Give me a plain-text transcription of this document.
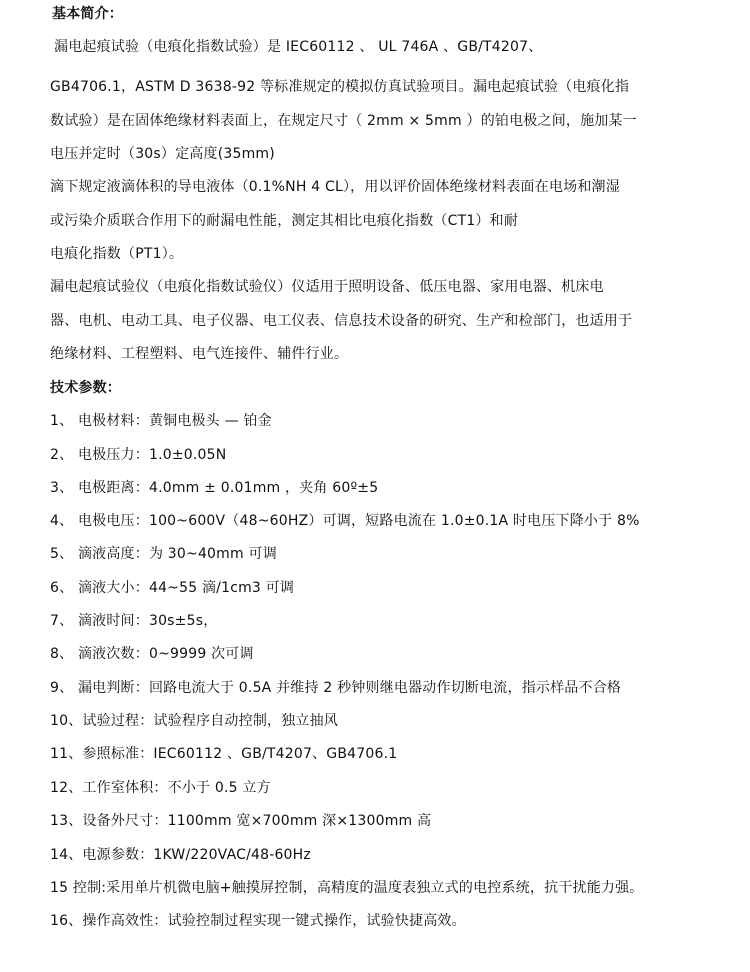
基本简介：
漏电起痕试验（电痕化指数试验）是 IEC60112 、 UL 746A 、GB/T4207、
GB4706.1，ASTM D 3638-92 等标准规定的模拟仿真试验项目。漏电起痕试验（电痕化指
数试验）是在固体绝缘材料表面上，在规定尺寸（ 2mm × 5mm ）的铂电极之间，施加某一
电压并定时（30s）定高度(35mm)
滴下规定液滴体积的导电液体（0.1%NH 4 CL），用以评价固体绝缘材料表面在电场和潮湿
或污染介质联合作用下的耐漏电性能，测定其相比电痕化指数（CT1）和耐
电痕化指数（PT1）。
漏电起痕试验仪（电痕化指数试验仪）仪适用于照明设备、低压电器、家用电器、机床电
器、电机、电动工具、电子仪器、电工仪表、信息技术设备的研究、生产和检部门，也适用于
绝缘材料、工程塑料、电气连接件、辅件行业。
技术参数：
1、 电极材料：黄铜电极头 — 铂金
2、 电极压力：1.0±0.05N
3、 电极距离：4.0mm ± 0.01mm ，夹角 60º±5
4、 电极电压：100~600V（48~60HZ）可调，短路电流在 1.0±0.1A 时电压下降小于 8%
5、 滴液高度：为 30~40mm 可调
6、 滴液大小：44~55 滴/1cm3 可调
7、 滴液时间：30s±5s，
8、 滴液次数：0~9999 次可调
9、 漏电判断：回路电流大于 0.5A 并维持 2 秒钟则继电器动作切断电流，指示样品不合格
10、试验过程：试验程序自动控制，独立抽风
11、参照标准：IEC60112 、GB/T4207、GB4706.1
12、工作室体积：不小于 0.5 立方
13、设备外尺寸：1100mm 宽×700mm 深×1300mm 高
14、电源参数：1KW/220VAC/48-60Hz
15 控制:采用单片机微电脑+触摸屏控制，高精度的温度表独立式的电控系统，抗干扰能力强。
16、操作高效性：试验控制过程实现一键式操作，试验快捷高效。
